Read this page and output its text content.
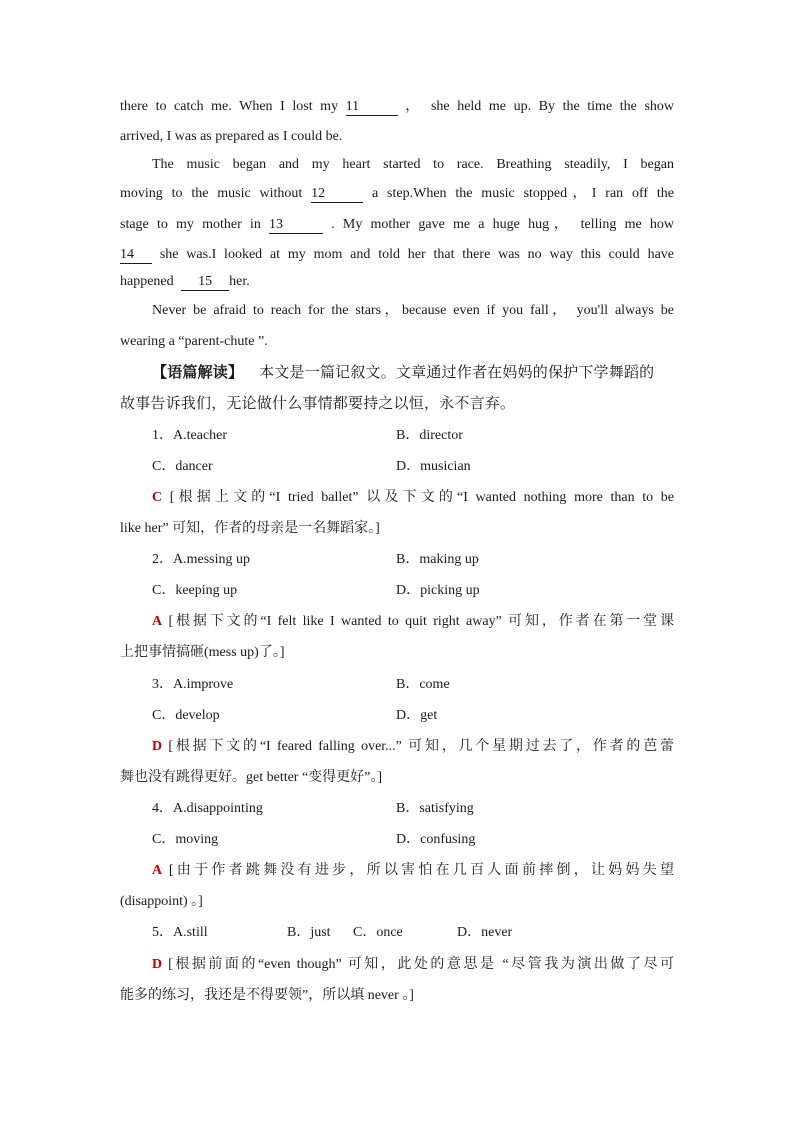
there to catch me. When I lost my 11	， she held me up. By the time the show
arrived, I was as prepared as I could be.
The music began and my heart started to race. Breathing steadily, I began
moving to the music without 12	a step.When the music stopped，I ran off the
stage to my mother in 13	. My mother gave me a huge hug， telling me how
14 she was.I looked at my mom and told her that there was no way this could have
happened 15 her.
Never be afraid to reach for the stars，because even if you fall， you'll always be
wearing a “parent-chute ”.
【语篇解读】 本文是一篇记叙文。文章通过作者在妈妈的保护下学舞蹈的
故事告诉我们，无论做什么事情都要持之以恒，永不言弃。
1．A.teacher	B．director
C．dancer	D．musician
C [根据上文的“I tried ballet” 以及下文的“I wanted nothing more than to be
like her” 可知，作者的母亲是一名舞蹈家。]
2．A.messing up	B．making up
C．keeping up	D．picking up
A [根据下文的“I felt like I wanted to quit right away” 可知，作者在第一堂课
上把事情搞砸(mess up)了。]
3．A.improve	B．come
C．develop	D．get
D [根据下文的“I feared falling over...” 可知，几个星期过去了，作者的芭蕾
舞也没有跳得更好。get better “变得更好”。]
4．A.disappointing	B．satisfying
C．moving	D．confusing
A [由于作者跳舞没有进步，所以害怕在几百人面前摔倒，让妈妈失望
(disappoint) 。]
5．A.still	B．just C．once	D．never
D [根据前面的“even though” 可知，此处的意思是 “尽管我为演出做了尽可
能多的练习，我还是不得要领”，所以填 never 。]
